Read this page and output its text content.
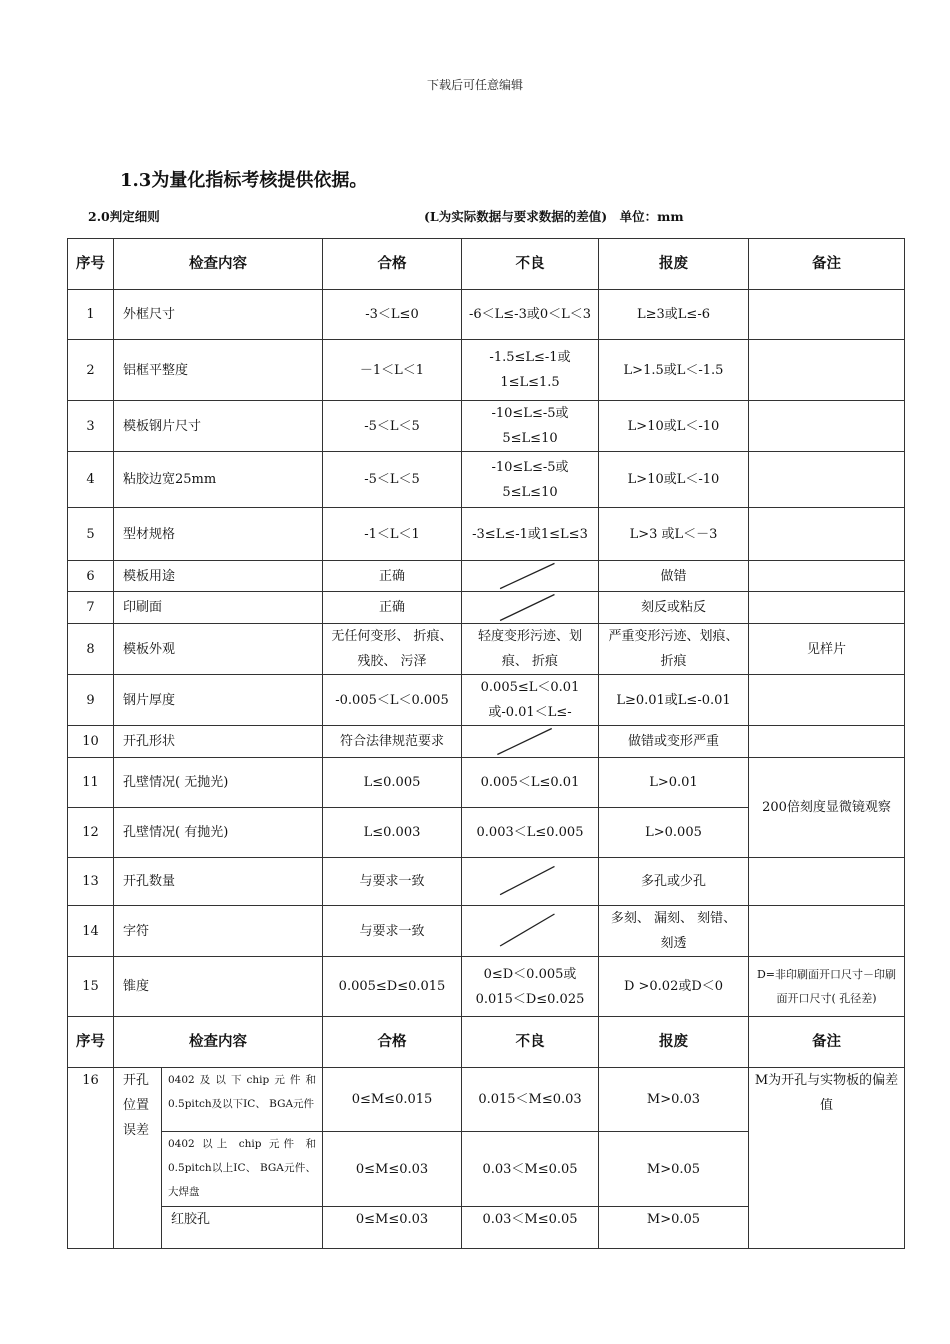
下载后可任意编辑
1.3为量化指标考核提供依据。
2.0判定细则	(L为实际数据与要求数据的差值)　单位：mm
序号	检查内容		合格	不良	报废	备注
1	外框尺寸		-3＜L≤0	-6＜L≤-3或0＜L＜3	L≥3或L≤-6	
2	铝框平整度		－1＜L＜1	-1.5≤L≤-1或1≤L≤1.5	L>1.5或L＜-1.5	
3	模板钢片尺寸		-5＜L＜5	-10≤L≤-5或5≤L≤10	L>10或L＜-10	
4	粘胶边宽25mm		-5＜L＜5	-10≤L≤-5或5≤L≤10	L>10或L＜-10	
5	型材规格		-1＜L＜1	-3≤L≤-1或1≤L≤3	L>3 或L＜－3	
6	模板用途		正确		做错	
7	印刷面		正确		刻反或粘反	
8	模板外观		无任何变形、 折痕、 残胶、 污泽	轻度变形污迹、划痕、 折痕	严重变形污迹、划痕、 折痕	见样片
9	钢片厚度		-0.005＜L＜0.005	0.005≤L＜0.01或-0.01＜L≤-	L≥0.01或L≤-0.01	
10	开孔形状		符合法律规范要求		做错或变形严重	
11	孔壁情况( 无抛光)		L≤0.005	0.005＜L≤0.01	L>0.01	200倍刻度显微镜观察
12	孔壁情况( 有抛光)		L≤0.003	0.003＜L≤0.005	L>0.005	
13	开孔数量		与要求一致		多孔或少孔	
14	字符		与要求一致		多刻、 漏刻、 刻错、 刻透	
15	锥度		0.005≤D≤0.015	0≤D＜0.005或0.015＜D≤0.025	D >0.02或D＜0	D=非印刷面开口尺寸－印刷面开口尺寸( 孔径差)
序号	检查内容		合格	不良	报废	备注
16	开孔位置误差	0402及以下chip元件和0.5pitch及以下IC、 BGA元件	0≤M≤0.015	0.015＜M≤0.03	M>0.03	M为开孔与实物板的偏差值
		0402 以上 chip 元件 和 0.5pitch以上IC、 BGA元件、 大焊盘	0≤M≤0.03	0.03＜M≤0.05	M>0.05	
		红胶孔	0≤M≤0.03	0.03＜M≤0.05	M>0.05	
